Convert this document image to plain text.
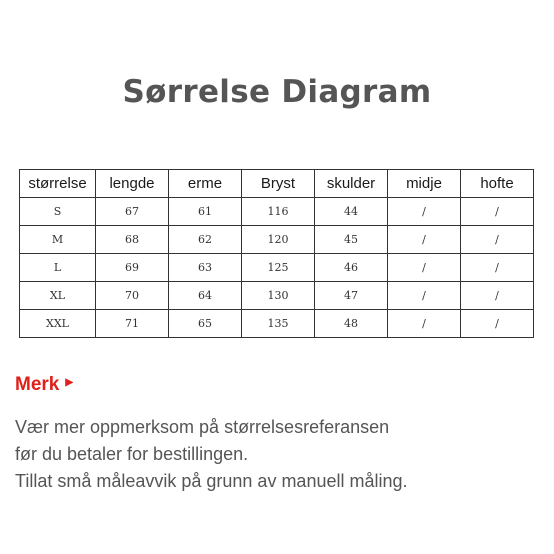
Sørrelse Diagram
størrelse	lengde	erme	Bryst	skulder	midje	hofte
S	67	61	116	44	/	/
M	68	62	120	45	/	/
L	69	63	125	46	/	/
XL	70	64	130	47	/	/
XXL	71	65	135	48	/	/
Merk ▶
Vær mer oppmerksom på størrelsesreferansen
før du betaler for bestillingen.
Tillat små måleavvik på grunn av manuell måling.
